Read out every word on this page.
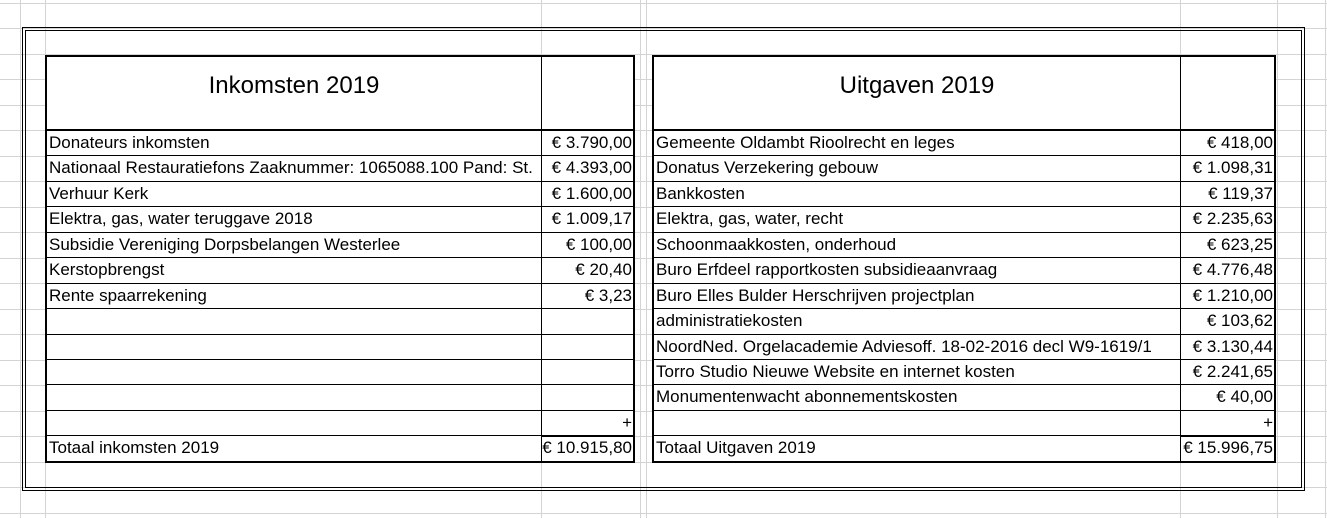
Inkomsten 2019
Donateurs inkomsten	€ 3.790,00
Nationaal Restauratiefons Zaaknummer: 1065088.100 Pand: St.	€ 4.393,00
Verhuur Kerk	€ 1.600,00
Elektra, gas, water teruggave 2018	€ 1.009,17
Subsidie Vereniging Dorpsbelangen Westerlee	€ 100,00
Kerstopbrengst	€ 20,40
Rente spaarrekening	€ 3,23
+
Totaal inkomsten 2019	€ 10.915,80
Uitgaven 2019
Gemeente Oldambt Rioolrecht en leges	€ 418,00
Donatus Verzekering gebouw	€ 1.098,31
Bankkosten	€ 119,37
Elektra, gas, water, recht	€ 2.235,63
Schoonmaakkosten, onderhoud	€ 623,25
Buro Erfdeel rapportkosten subsidieaanvraag	€ 4.776,48
Buro Elles Bulder Herschrijven projectplan	€ 1.210,00
administratiekosten	€ 103,62
NoordNed. Orgelacademie Adviesoff. 18-02-2016 decl W9-1619/1	€ 3.130,44
Torro Studio Nieuwe Website en internet kosten	€ 2.241,65
Monumentenwacht abonnementskosten	€ 40,00
+
Totaal Uitgaven 2019	€ 15.996,75
